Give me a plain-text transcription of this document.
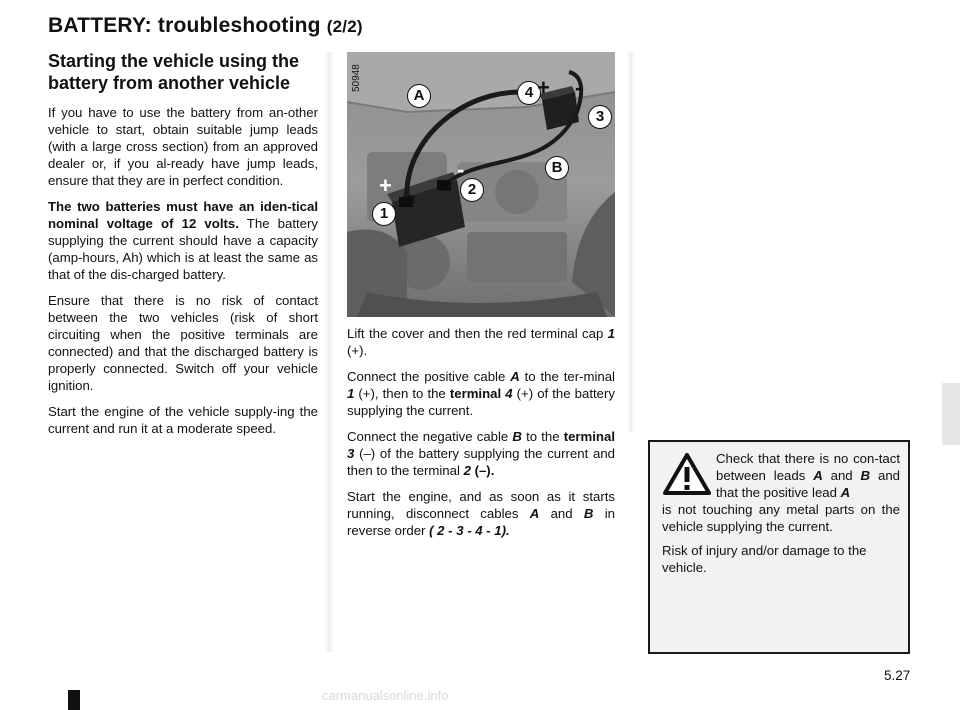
BATTERY: troubleshooting (2/2)
Starting the vehicle using the battery from another vehicle

If you have to use the battery from an-other vehicle to start, obtain suitable jump leads (with a large cross section) from an approved dealer or, if you al-ready have jump leads, ensure that they are in perfect condition.

The two batteries must have an iden-tical nominal voltage of 12 volts. The battery supplying the current should have a capacity (amp-hours, Ah) which is at least the same as that of the dis-charged battery.

Ensure that there is no risk of contact between the two vehicles (risk of short circuiting when the positive terminals are connected) and that the discharged battery is properly connected. Switch off your vehicle ignition.

Start the engine of the vehicle supply-ing the current and run it at a moderate speed.

50948
A	4 + -
3
B
-
2
+
1

Lift the cover and then the red terminal cap 1 (+).

Connect the positive cable A to the ter-minal 1 (+), then to the terminal 4 (+) of the battery supplying the current.

Connect the negative cable B to the terminal 3 (–) of the battery supplying the current and then to the terminal 2 (–).

Start the engine, and as soon as it starts running, disconnect cables A and B in reverse order ( 2 - 3 - 4 - 1).

Check that there is no con-tact between leads A and B and that the positive lead A

is not touching any metal parts on the vehicle supplying the current.

Risk of injury and/or damage to the vehicle.

5.27
carmanualsonline.info
